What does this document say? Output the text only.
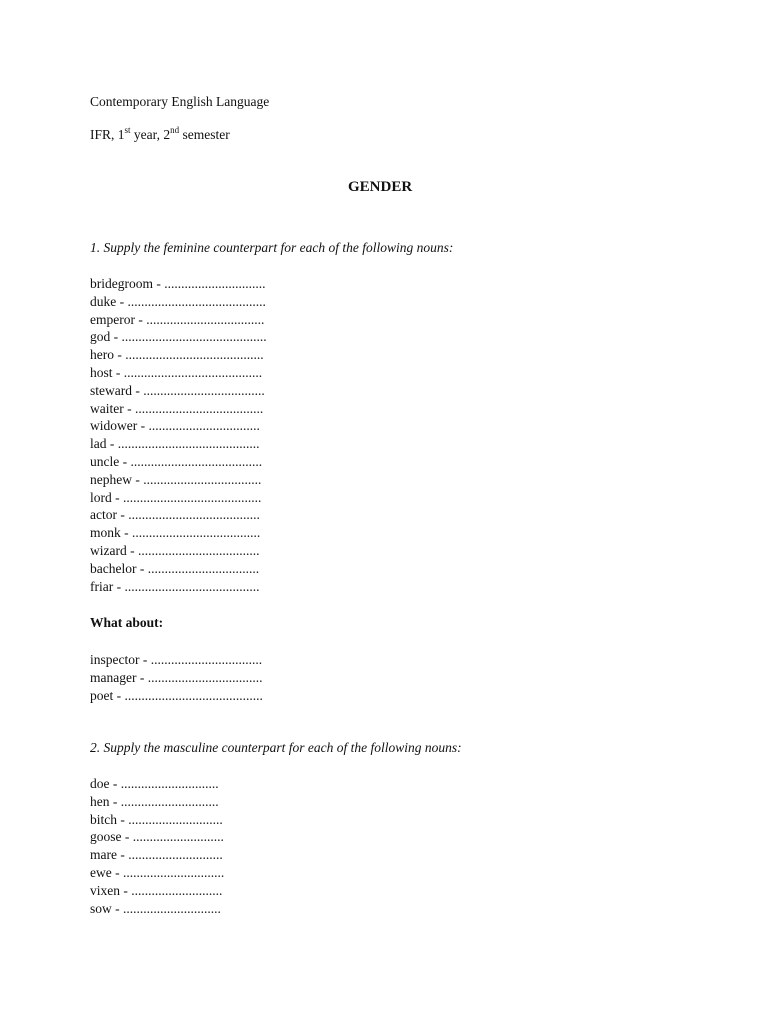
Contemporary English Language
IFR, 1st year, 2nd semester
GENDER
1. Supply the feminine counterpart for each of the following nouns:
bridegroom - ..............................
duke - .........................................
emperor - ...................................
god - ...........................................
hero - .........................................
host - .........................................
steward - ....................................
waiter - ......................................
widower - .................................
lad - ..........................................
uncle - .......................................
nephew - ...................................
lord - .........................................
actor - .......................................
monk - ......................................
wizard - ....................................
bachelor - .................................
friar - ........................................
What about:
inspector - .................................
manager - ..................................
poet - .........................................
2. Supply the masculine counterpart for each of the following nouns:
doe - .............................
hen - .............................
bitch - ............................
goose - ...........................
mare - ............................
ewe - ..............................
vixen - ...........................
sow - .............................
